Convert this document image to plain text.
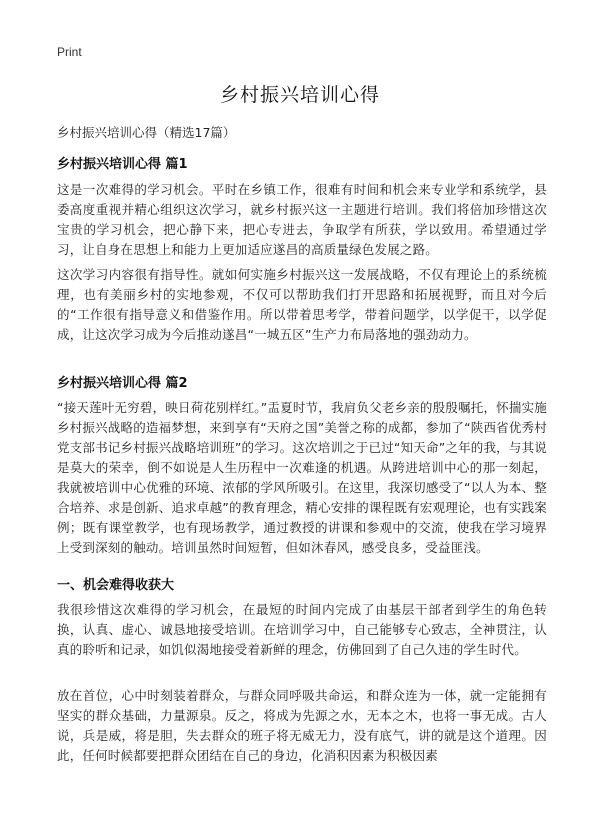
Print
乡村振兴培训心得
乡村振兴培训心得（精选17篇）
乡村振兴培训心得 篇1

这是一次难得的学习机会。平时在乡镇工作，很难有时间和机会来专业学和系统学，县委高度重视并精心组织这次学习，就乡村振兴这一主题进行培训。我们将倍加珍惜这次宝贵的学习机会，把心静下来，把心专进去，争取学有所获，学以致用。希望通过学习，让自身在思想上和能力上更加适应遂昌的高质量绿色发展之路。

这次学习内容很有指导性。就如何实施乡村振兴这一发展战略，不仅有理论上的系统梳理，也有美丽乡村的实地参观，不仅可以帮助我们打开思路和拓展视野，而且对今后的“工作很有指导意义和借鉴作用。所以带着思考学，带着问题学，以学促干，以学促成，让这次学习成为今后推动遂昌“一城五区”生产力布局落地的强劲动力。

乡村振兴培训心得 篇2

“接天莲叶无穷碧，映日荷花别样红。”盂夏时节，我肩负父老乡亲的殷殷嘱托，怀揣实施乡村振兴战略的造福梦想，来到享有“天府之国”美誉之称的成都，参加了“陕西省优秀村党支部书记乡村振兴战略培训班”的学习。这次培训之于已过“知天命”之年的我，与其说是莫大的荣幸，倒不如说是人生历程中一次难逢的机遇。从跨进培训中心的那一刻起，我就被培训中心优雅的环境、浓郁的学风所吸引。在这里，我深切感受了“以人为本、整合培养、求是创新、追求卓越”的教育理念，精心安排的课程既有宏观理论，也有实践案例；既有课堂教学，也有现场教学，通过教授的讲课和参观中的交流，使我在学习境界上受到深刻的触动。培训虽然时间短暂，但如沐春风，感受良多，受益匪浅。

一、机会难得收获大

我很珍惜这次难得的学习机会，在最短的时间内完成了由基层干部者到学生的角色转换，认真、虚心、诚恳地接受培训。在培训学习中，自己能够专心致志，全神贯注，认真的聆听和记录，如饥似渴地接受着新鲜的理念，仿佛回到了自己久违的学生时代。

放在首位，心中时刻装着群众，与群众同呼吸共命运，和群众连为一体，就一定能拥有坚实的群众基础，力量源泉。反之，将成为先源之水，无本之木，也将一事无成。古人说，兵是威，将是胆，失去群众的班子将无威无力，没有底气，讲的就是这个道理。因此，任何时候都要把群众团结在自己的身边，化消积因素为积极因素
